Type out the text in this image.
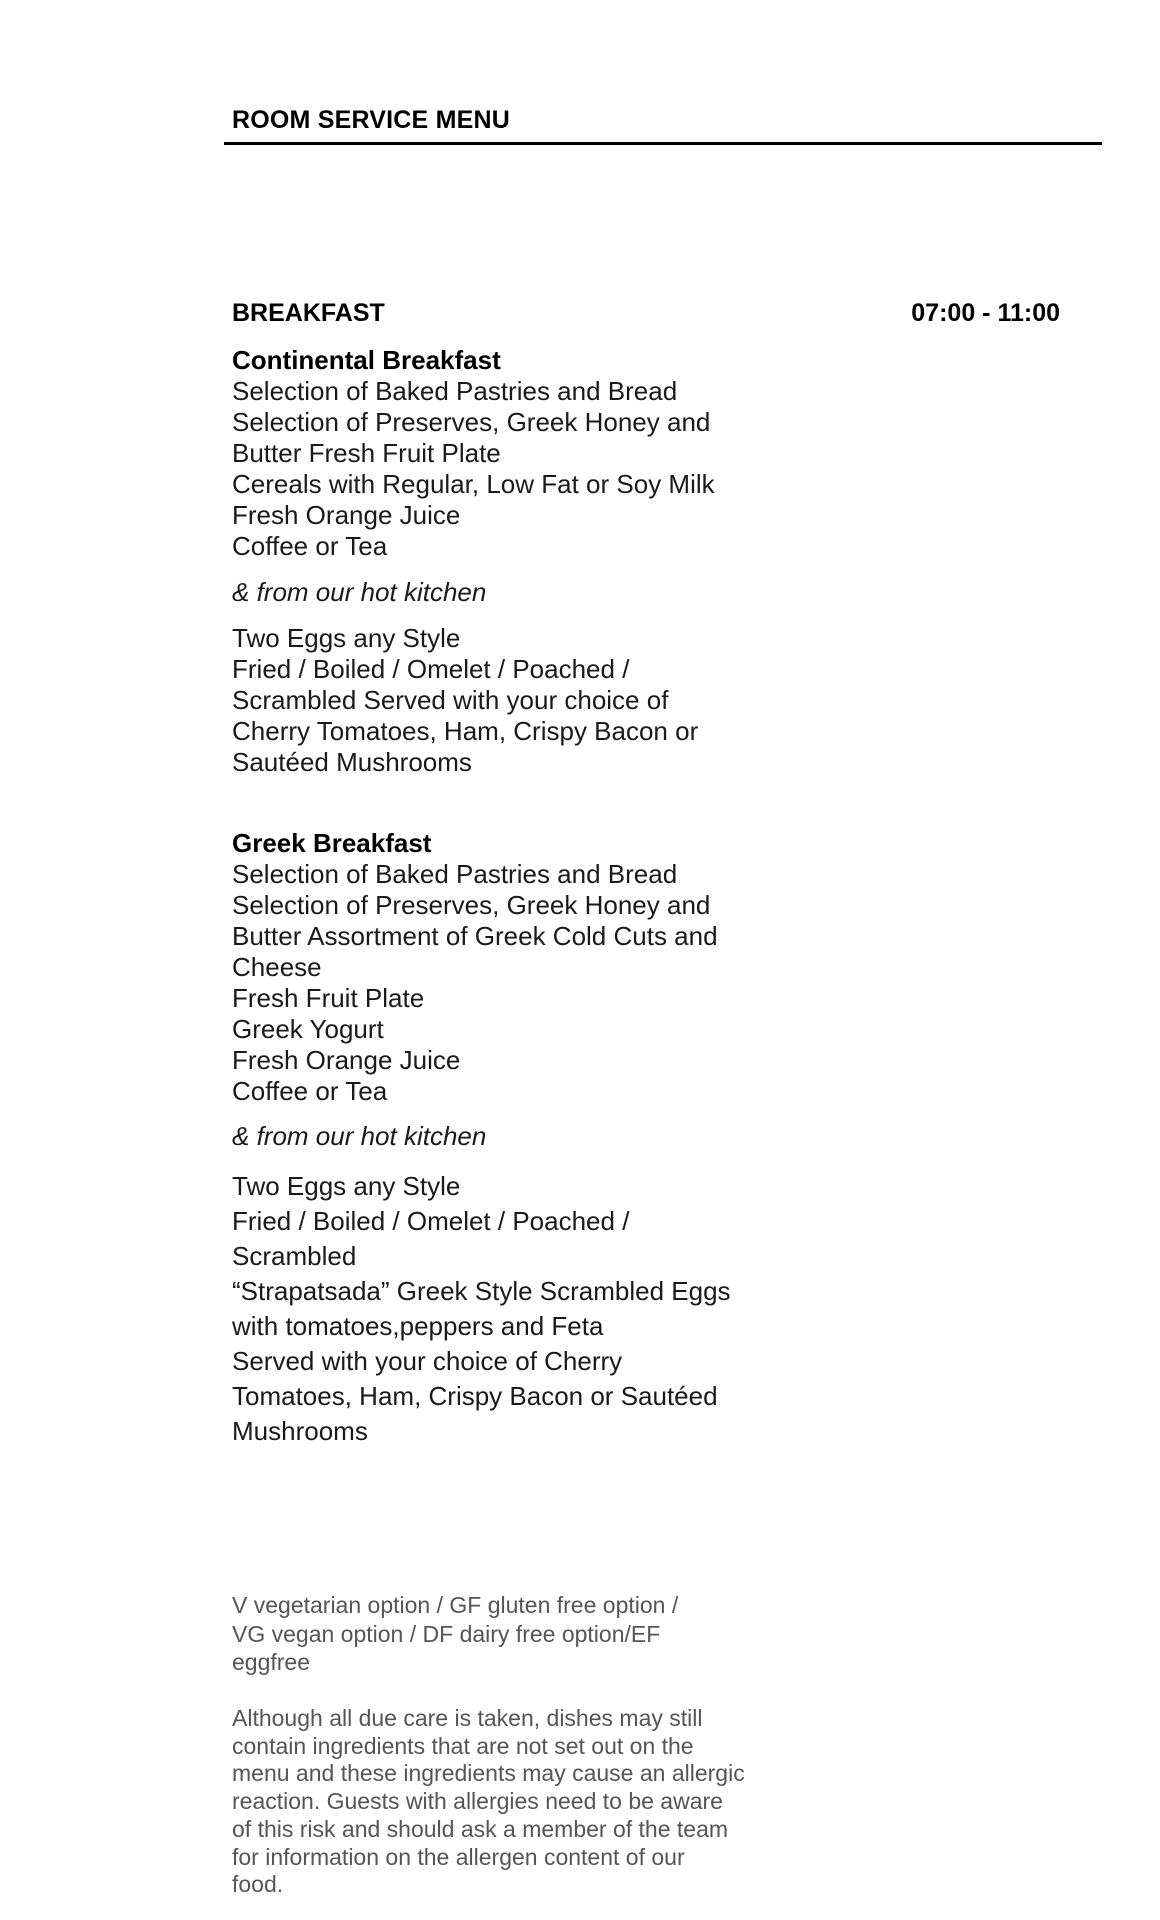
ROOM SERVICE MENU
BREAKFAST	07:00 - 11:00
Continental Breakfast
Selection of Baked Pastries and Bread
Selection of Preserves, Greek Honey and
Butter Fresh Fruit Plate
Cereals with Regular, Low Fat or Soy Milk
Fresh Orange Juice
Coffee or Tea
& from our hot kitchen
Two Eggs any Style
Fried / Boiled / Omelet / Poached /
Scrambled Served with your choice of
Cherry Tomatoes, Ham, Crispy Bacon or
Sautéed Mushrooms
Greek Breakfast
Selection of Baked Pastries and Bread
Selection of Preserves, Greek Honey and
Butter Assortment of Greek Cold Cuts and
Cheese
Fresh Fruit Plate
Greek Yogurt
Fresh Orange Juice
Coffee or Tea
& from our hot kitchen
Two Eggs any Style
Fried / Boiled / Omelet / Poached /
Scrambled
“Strapatsada” Greek Style Scrambled Eggs
with tomatoes,peppers and Feta
Served with your choice of Cherry
Tomatoes, Ham, Crispy Bacon or Sautéed
Mushrooms
V vegetarian option / GF gluten free option /
VG vegan option / DF dairy free option/EF
eggfree
Although all due care is taken, dishes may still
contain ingredients that are not set out on the
menu and these ingredients may cause an allergic
reaction. Guests with allergies need to be aware
of this risk and should ask a member of the team
for information on the allergen content of our
food.
